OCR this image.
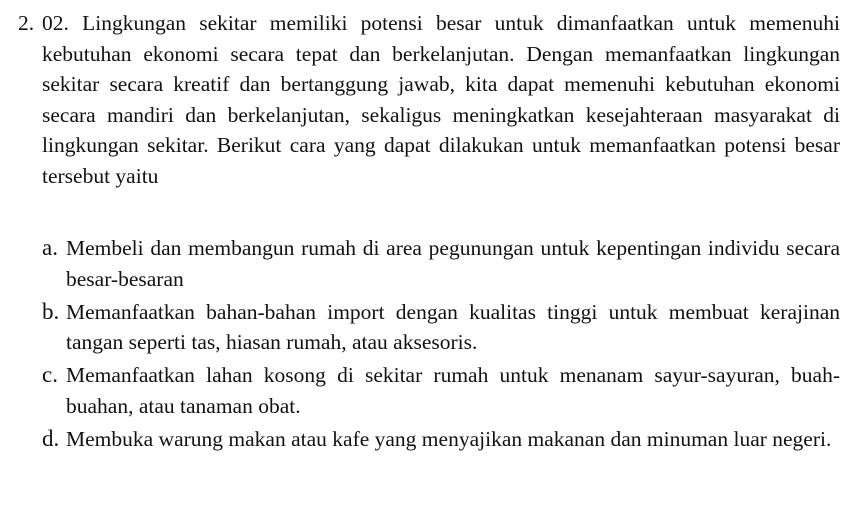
2. 02. Lingkungan sekitar memiliki potensi besar untuk dimanfaatkan untuk memenuhi kebutuhan ekonomi secara tepat dan berkelanjutan. Dengan memanfaatkan lingkungan sekitar secara kreatif dan bertanggung jawab, kita dapat memenuhi kebutuhan ekonomi secara mandiri dan berkelanjutan, sekaligus meningkatkan kesejahteraan masyarakat di lingkungan sekitar. Berikut cara yang dapat dilakukan untuk memanfaatkan potensi besar tersebut yaitu
a. Membeli dan membangun rumah di area pegunungan untuk kepentingan individu secara besar-besaran
b. Memanfaatkan bahan-bahan import dengan kualitas tinggi untuk membuat kerajinan tangan seperti tas, hiasan rumah, atau aksesoris.
c. Memanfaatkan lahan kosong di sekitar rumah untuk menanam sayur-sayuran, buah-buahan, atau tanaman obat.
d. Membuka warung makan atau kafe yang menyajikan makanan dan minuman luar negeri.
